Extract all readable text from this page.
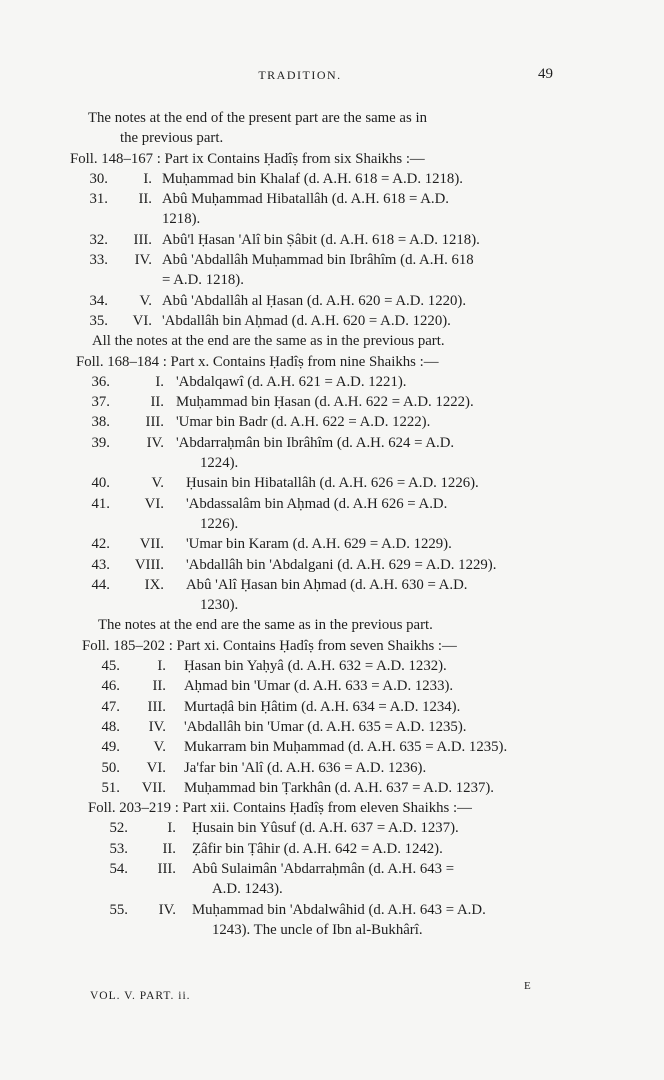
TRADITION.	49
The notes at the end of the present part are the same as in
the previous part.
Foll. 148–167 : Part ix Contains Ḥadîṣ from six Shaikhs :—
30.	I. Muḥammad bin Khalaf (d. A.H. 618 = A.D. 1218).
31.	II. Abû Muḥammad Hibatallâh (d. A.H. 618 = A.D.
1218).
32.	III. Abû'l Ḥasan 'Alî bin Ṣâbit (d. A.H. 618 = A.D. 1218).
33.	IV. Abû 'Abdallâh Muḥammad bin Ibrâhîm (d. A.H. 618
= A.D. 1218).
34.	V. Abû 'Abdallâh al Ḥasan (d. A.H. 620 = A.D. 1220).
35.	VI. 'Abdallâh bin Aḥmad (d. A.H. 620 = A.D. 1220).
All the notes at the end are the same as in the previous part.
Foll. 168–184 : Part x. Contains Ḥadîṣ from nine Shaikhs :—
36.	I. 'Abdalqawî (d. A.H. 621 = A.D. 1221).
37.	II. Muḥammad bin Ḥasan (d. A.H. 622 = A.D. 1222).
38.	III. 'Umar bin Badr (d. A.H. 622 = A.D. 1222).
39.	IV. 'Abdarraḥmân bin Ibrâhîm (d. A.H. 624 = A.D.
1224).
40.	V. Ḥusain bin Hibatallâh (d. A.H. 626 = A.D. 1226).
41.	VI. 'Abdassalâm bin Aḥmad (d. A.H 626 = A.D.
1226).
42.	VII. 'Umar bin Karam (d. A.H. 629 = A.D. 1229).
43.	VIII. 'Abdallâh bin 'Abdalgani (d. A.H. 629 = A.D. 1229).
44.	IX. Abû 'Alî Ḥasan bin Aḥmad (d. A.H. 630 = A.D.
1230).
The notes at the end are the same as in the previous part.
Foll. 185–202 : Part xi. Contains Ḥadîṣ from seven Shaikhs :—
45.	I. Ḥasan bin Yaḥyâ (d. A.H. 632 = A.D. 1232).
46.	II. Aḥmad bin 'Umar (d. A.H. 633 = A.D. 1233).
47.	III. Murtaḍâ bin Ḥâtim (d. A.H. 634 = A.D. 1234).
48.	IV. 'Abdallâh bin 'Umar (d. A.H. 635 = A.D. 1235).
49.	V. Mukarram bin Muḥammad (d. A.H. 635 = A.D. 1235).
50.	VI. Ja'far bin 'Alî (d. A.H. 636 = A.D. 1236).
51.	VII. Muḥammad bin Ṭarkhân (d. A.H. 637 = A.D. 1237).
Foll. 203–219 : Part xii. Contains Ḥadîṣ from eleven Shaikhs :—
52.	I. Ḥusain bin Yûsuf (d. A.H. 637 = A.D. 1237).
53.	II. Ẓâfir bin Ṭâhir (d. A.H. 642 = A.D. 1242).
54.	III. Abû Sulaimân 'Abdarraḥmân (d. A.H. 643 =
A.D. 1243).
55.	IV. Muḥammad bin 'Abdalwâhid (d. A.H. 643 = A.D.
1243). The uncle of Ibn al-Bukhârî.
VOL. V. PART. ii.
E
